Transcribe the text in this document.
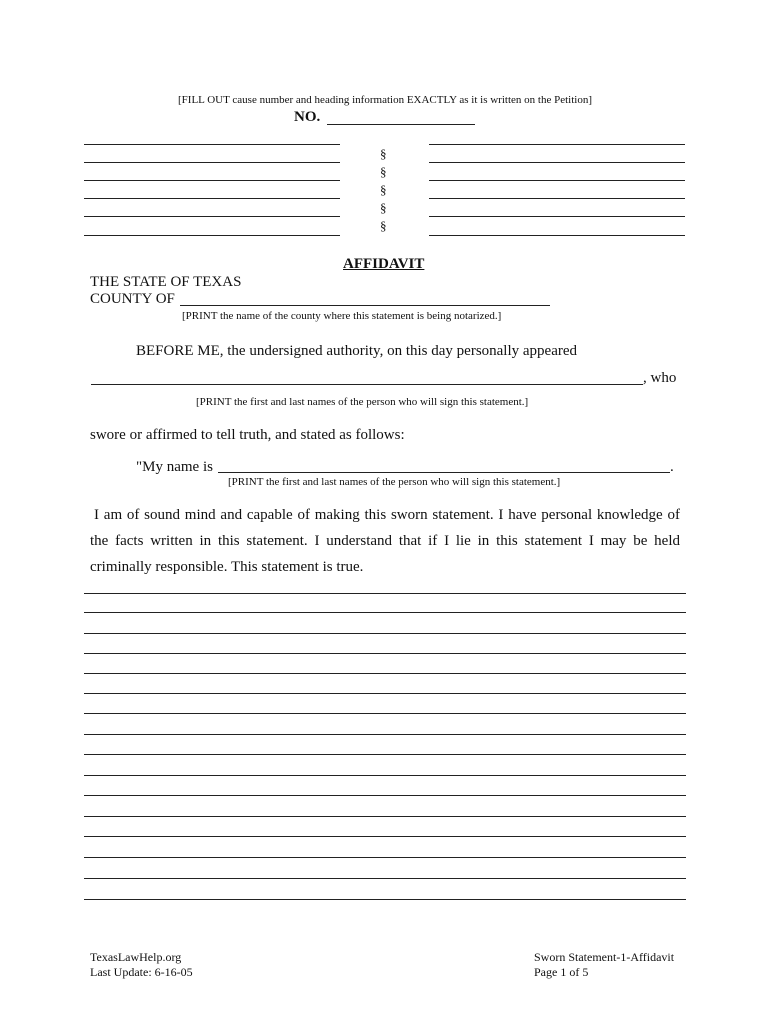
[FILL OUT cause number and heading information EXACTLY as it is written on the Petition]
NO.
§
§
§
§
§
AFFIDAVIT
THE STATE OF TEXAS
COUNTY OF
[PRINT the name of the county where this statement is being notarized.]
BEFORE ME, the undersigned authority, on this day personally appeared
, who
[PRINT the first and last names of the person who will sign this statement.]
swore or affirmed to tell truth, and stated as follows:
"My name is	.
[PRINT the first and last names of the person who will sign this statement.]
I am of sound mind and capable of making this sworn statement. I have personal knowledge of
the facts written in this statement. I understand that if I lie in this statement I may be held
criminally responsible. This statement is true.
TexasLawHelp.org
Last Update: 6-16-05
Sworn Statement-1-Affidavit
Page 1 of 5
